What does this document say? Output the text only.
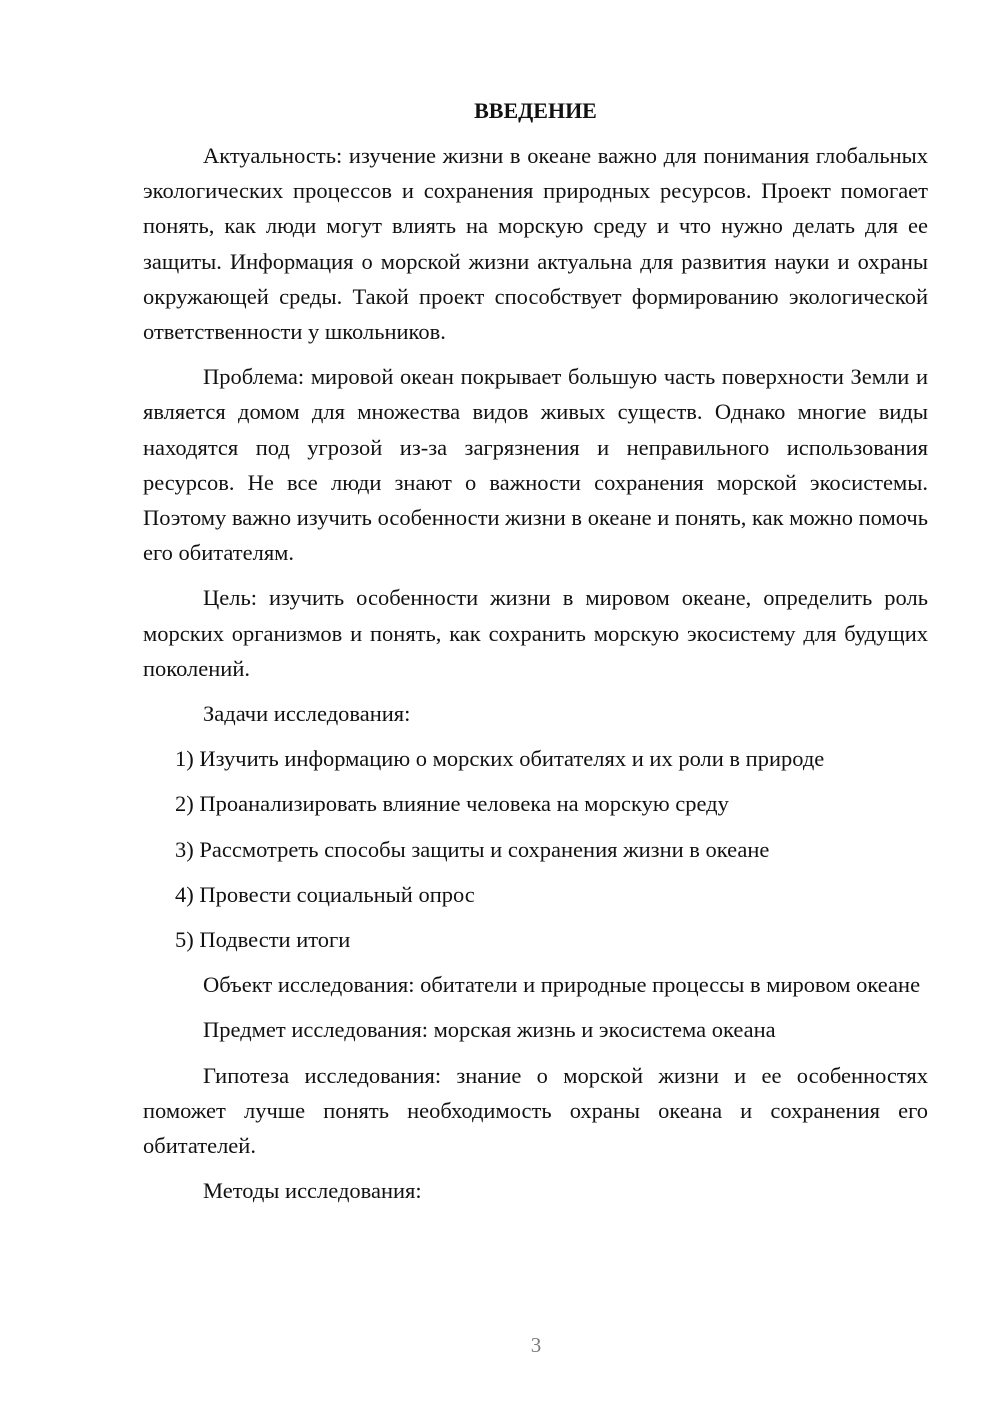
ВВЕДЕНИЕ

Актуальность: изучение жизни в океане важно для понимания глобальных экологических процессов и сохранения природных ресурсов. Проект помогает понять, как люди могут влиять на морскую среду и что нужно делать для ее защиты. Информация о морской жизни актуальна для развития науки и охраны окружающей среды. Такой проект способствует формированию экологической ответственности у школьников.

Проблема: мировой океан покрывает большую часть поверхности Земли и является домом для множества видов живых существ. Однако многие виды находятся под угрозой из-за загрязнения и неправильного использования ресурсов. Не все люди знают о важности сохранения морской экосистемы. Поэтому важно изучить особенности жизни в океане и понять, как можно помочь его обитателям.

Цель: изучить особенности жизни в мировом океане, определить роль морских организмов и понять, как сохранить морскую экосистему для будущих поколений.

Задачи исследования:

1) Изучить информацию о морских обитателях и их роли в природе
2) Проанализировать влияние человека на морскую среду
3) Рассмотреть способы защиты и сохранения жизни в океане
4) Провести социальный опрос
5) Подвести итоги

Объект исследования: обитатели и природные процессы в мировом океане

Предмет исследования: морская жизнь и экосистема океана

Гипотеза исследования: знание о морской жизни и ее особенностях поможет лучше понять необходимость охраны океана и сохранения его обитателей.

Методы исследования:

3
